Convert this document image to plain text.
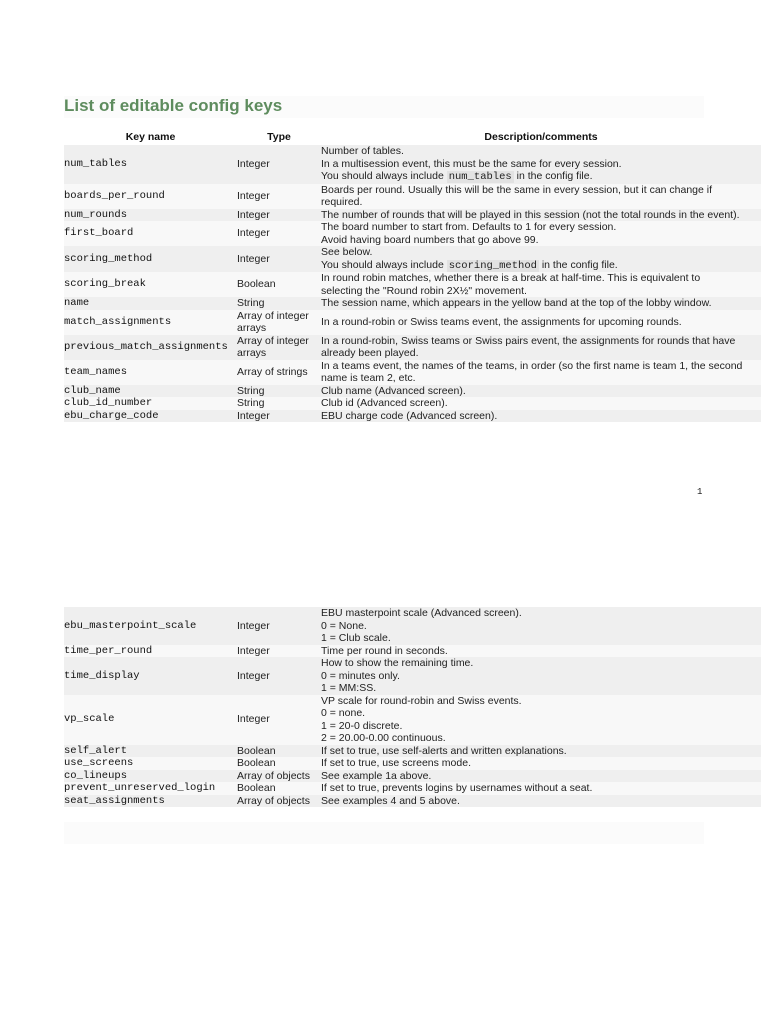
List of editable config keys
Key name	Type	Description/comments
num_tables	Integer	Number of tables.
In a multisession event, this must be the same for every session.
You should always include num_tables in the config file.

boards_per_round	Integer	Boards per round. Usually this will be the same in every session, but it can change if
required.

num_rounds	Integer	The number of rounds that will be played in this session (not the total rounds in the event).

first_board	Integer	The board number to start from. Defaults to 1 for every session.
Avoid having board numbers that go above 99.

scoring_method	Integer	See below.
You should always include scoring_method in the config file.

scoring_break	Boolean	In round robin matches, whether there is a break at half-time. This is equivalent to
selecting the "Round robin 2X½" movement.

name	String	The session name, which appears in the yellow band at the top of the lobby window.

match_assignments	Array of integer arrays	In a round-robin or Swiss teams event, the assignments for upcoming rounds.

previous_match_assignments	Array of integer arrays	In a round-robin, Swiss teams or Swiss pairs event, the assignments for rounds that have
already been played.

team_names	Array of strings	In a teams event, the names of the teams, in order (so the first name is team 1, the second
name is team 2, etc.

club_name	String	Club name (Advanced screen).

club_id_number	String	Club id (Advanced screen).

ebu_charge_code	Integer	EBU charge code (Advanced screen).
1
ebu_masterpoint_scale	Integer	EBU masterpoint scale (Advanced screen).
0 = None.
1 = Club scale.

time_per_round	Integer	Time per round in seconds.

time_display	Integer	How to show the remaining time.
0 = minutes only.
1 = MM:SS.

vp_scale	Integer	VP scale for round-robin and Swiss events.
0 = none.
1 = 20-0 discrete.
2 = 20.00-0.00 continuous.

self_alert	Boolean	If set to true, use self-alerts and written explanations.

use_screens	Boolean	If set to true, use screens mode.

co_lineups	Array of objects	See example 1a above.

prevent_unreserved_login	Boolean	If set to true, prevents logins by usernames without a seat.

seat_assignments	Array of objects	See examples 4 and 5 above.
